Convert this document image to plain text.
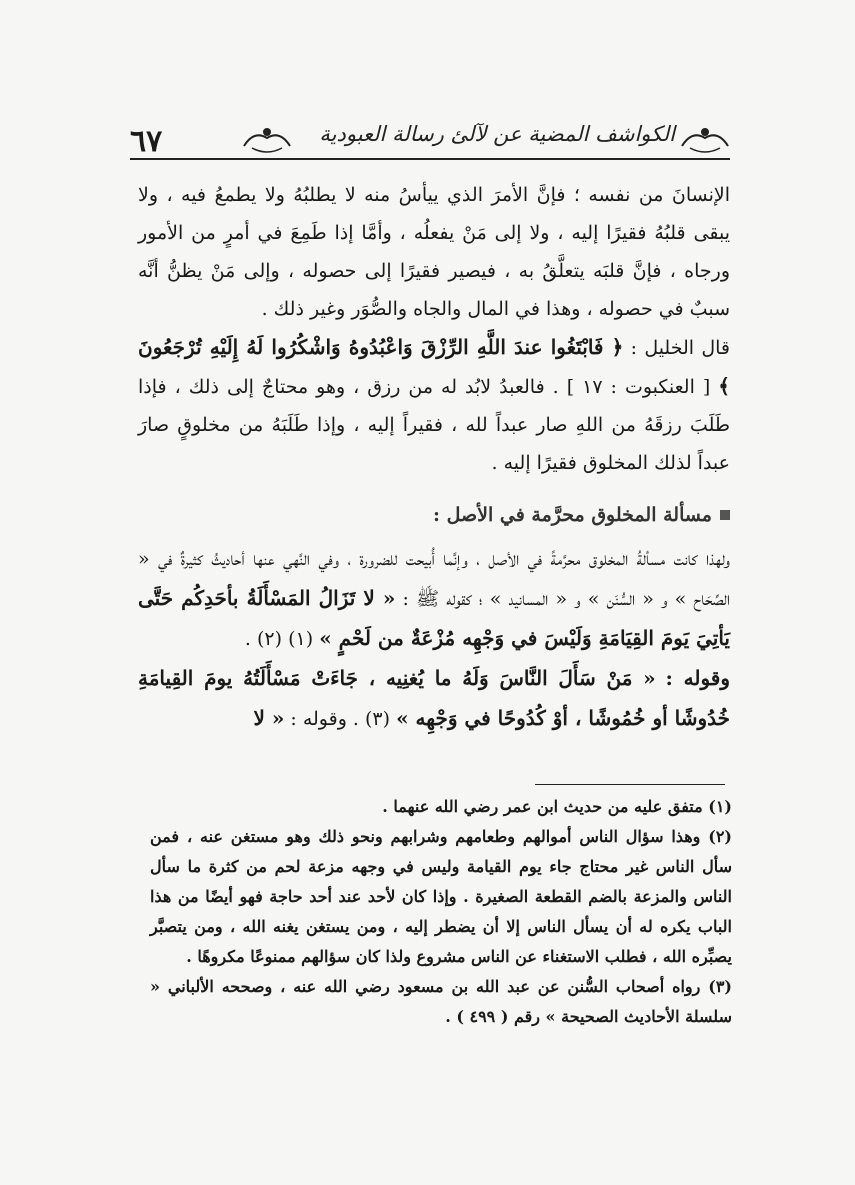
٦٧	الكواشف المضية عن لآلئ رسالة العبودية

الإنسانَ من نفسه ؛ فإنَّ الأمرَ الذي ييأسُ منه لا يطلبُهُ ولا يطمعُ فيه ، ولا يبقى قلبُهُ فقيرًا إليه ، ولا إلى مَنْ يفعلُه ، وأمَّا إذا طَمِعَ في أمرٍ من الأمور ورجاه ، فإنَّ قلبَه يتعلَّقُ به ، فيصير فقيرًا إلى حصوله ، وإلى مَنْ يظنُّ أنَّه سببٌ في حصوله ، وهذا في المال والجاه والصُّوَر وغير ذلك .

قال الخليل : ﴿ فَابْتَغُوا عندَ اللَّهِ الرِّزْقَ وَاعْبُدُوهُ وَاشْكُرُوا لَهُ إِلَيْهِ تُرْجَعُونَ ﴾ [ العنكبوت : ١٧ ] . فالعبدُ لابُد له من رزق ، وهو محتاجٌ إلى ذلك ، فإذا طَلَبَ رزقَهُ من اللهِ صار عبداً لله ، فقيراً إليه ، وإذا طَلَبَهُ من مخلوقٍ صارَ عبداً لذلك المخلوق فقيرًا إليه .

مسألة المخلوق محرَّمة في الأصل :

ولهذا كانت مسألةُ المخلوق محرَّمةً في الأصل ، وإنَّما أُبيحت للضرورة ، وفي النَّهي عنها أحاديثُ كثيرةٌ في « الصِّحَاح » و « السُّنَن » و « المسانيد » ؛ كقوله ﷺ : « لا تَزَالُ المَسْأَلَةُ بأحَدِكُم حَتَّى يَأتِيَ يَومَ القِيَامَةِ وَلَيْسَ في وَجْهِه مُزْعَةٌ من لَحْمٍ » (١) (٢) .

وقوله : « مَنْ سَأَلَ النَّاسَ وَلَهُ ما يُغنِيه ، جَاءَتْ مَسْأَلَتُهُ يومَ القِيامَةِ خُدُوشًا أو خُمُوشًا ، أوْ كُدُوحًا في وَجْهِه » (٣) . وقوله : « لا

(١) متفق عليه من حديث ابن عمر رضي الله عنهما .

(٢) وهذا سؤال الناس أموالهم وطعامهم وشرابهم ونحو ذلك وهو مستغن عنه ، فمن سأل الناس غير محتاج جاء يوم القيامة وليس في وجهه مزعة لحم من كثرة ما سأل الناس والمزعة بالضم القطعة الصغيرة . وإذا كان لأحد عند أحد حاجة فهو أيضًا من هذا الباب يكره له أن يسأل الناس إلا أن يضطر إليه ، ومن يستغن يغنه الله ، ومن يتصبَّر يصبِّره الله ، فطلب الاستغناء عن الناس مشروع ولذا كان سؤالهم ممنوعًا مكروهًا .

(٣) رواه أصحاب السُّنن عن عبد الله بن مسعود رضي الله عنه ، وصححه الألباني « سلسلة الأحاديث الصحيحة » رقم ( ٤٩٩ ) .
